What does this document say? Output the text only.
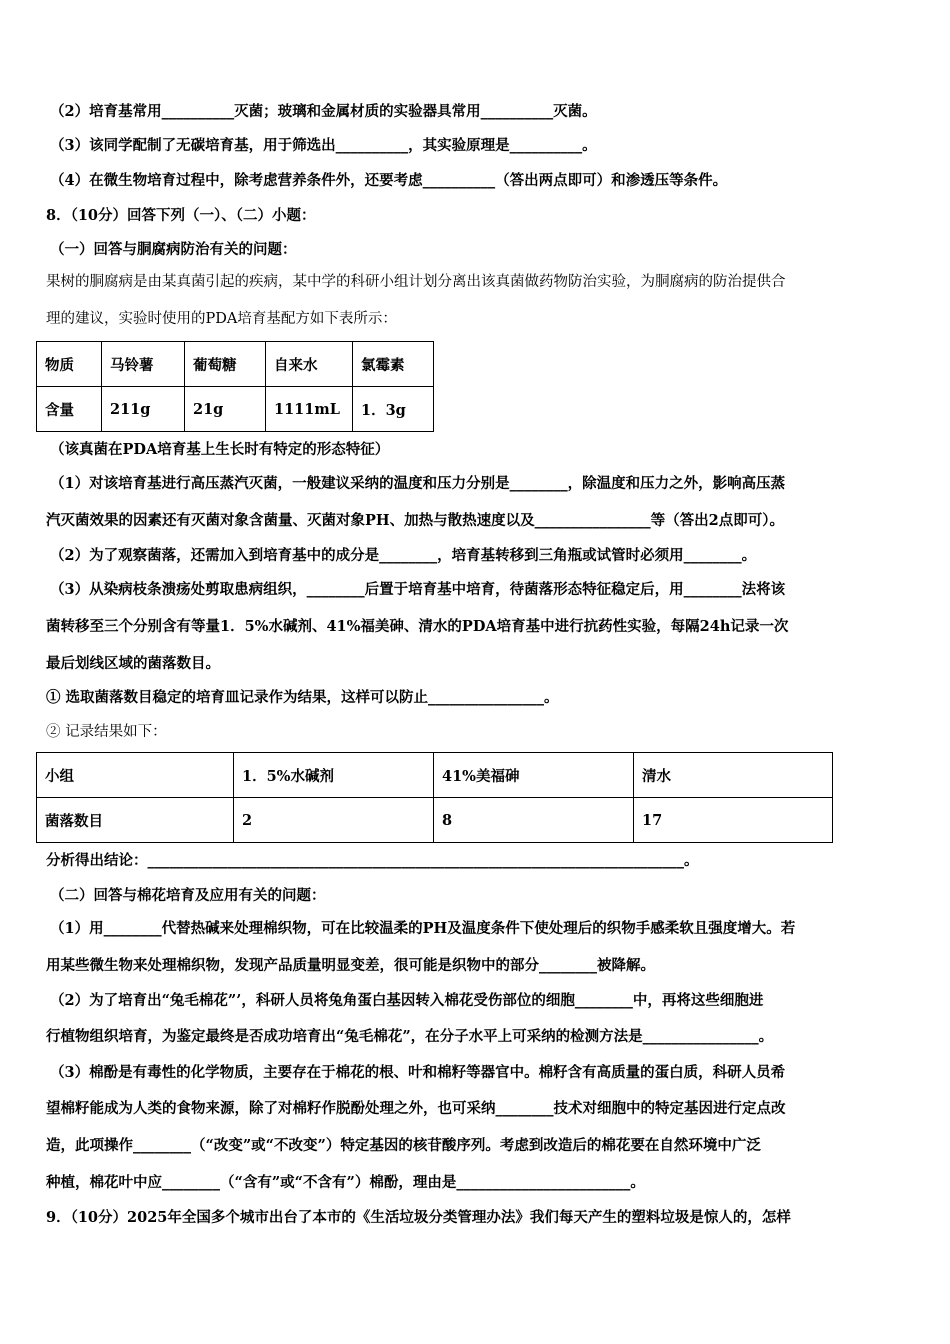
（2）培育基常用__________灭菌；玻璃和金属材质的实验器具常用__________灭菌。
（3）该同学配制了无碳培育基，用于筛选出__________，其实验原理是__________。
（4）在微生物培育过程中，除考虑营养条件外，还要考虑__________（答出两点即可）和渗透压等条件。
8．（10分）回答下列（一）、（二）小题：
（一）回答与胴腐病防治有关的问题：
果树的胴腐病是由某真菌引起的疾病，某中学的科研小组计划分离出该真菌做药物防治实验，为胴腐病的防治提供合
理的建议，实验时使用的PDA培育基配方如下表所示：
物质	马铃薯	葡萄糖	自来水	氯霉素
含量	211g	21g	1111mL	1．3g
（该真菌在PDA培育基上生长时有特定的形态特征）
（1）对该培育基进行高压蒸汽灭菌，一般建议采纳的温度和压力分别是________，除温度和压力之外，影响高压蒸
汽灭菌效果的因素还有灭菌对象含菌量、灭菌对象PH、加热与散热速度以及________________等（答出2点即可）。
（2）为了观察菌落，还需加入到培育基中的成分是________，培育基转移到三角瓶或试管时必须用________。
（3）从染病枝条溃疡处剪取患病组织，________后置于培育基中培育，待菌落形态特征稳定后，用________法将该
菌转移至三个分别含有等量1．5%水碱剂、41%福美砷、清水的PDA培育基中进行抗药性实验，每隔24h记录一次
最后划线区域的菌落数目。
① 选取菌落数目稳定的培育皿记录作为结果，这样可以防止________________。
② 记录结果如下：
小组	1．5%水碱剂	41%美福砷	清水
菌落数目	2	8	17
分析得出结论：__________________________________________________________________________。
（二）回答与棉花培育及应用有关的问题：
（1）用________代替热碱来处理棉织物，可在比较温柔的PH及温度条件下使处理后的织物手感柔软且强度增大。若
用某些微生物来处理棉织物，发现产品质量明显变差，很可能是织物中的部分________被降解。
（2）为了培育出“兔毛棉花”’，科研人员将兔角蛋白基因转入棉花受伤部位的细胞________中，再将这些细胞进
行植物组织培育，为鉴定最终是否成功培育出“兔毛棉花”，在分子水平上可采纳的检测方法是________________。
（3）棉酚是有毒性的化学物质，主要存在于棉花的根、叶和棉籽等器官中。棉籽含有高质量的蛋白质，科研人员希
望棉籽能成为人类的食物来源，除了对棉籽作脱酚处理之外，也可采纳________技术对细胞中的特定基因进行定点改
造，此项操作________（“改变”或“不改变”）特定基因的核苷酸序列。考虑到改造后的棉花要在自然环境中广泛
种植，棉花叶中应________（“含有”或“不含有”）棉酚，理由是________________________。
9．（10分）2025年全国多个城市出台了本市的《生活垃圾分类管理办法》我们每天产生的塑料垃圾是惊人的，怎样
